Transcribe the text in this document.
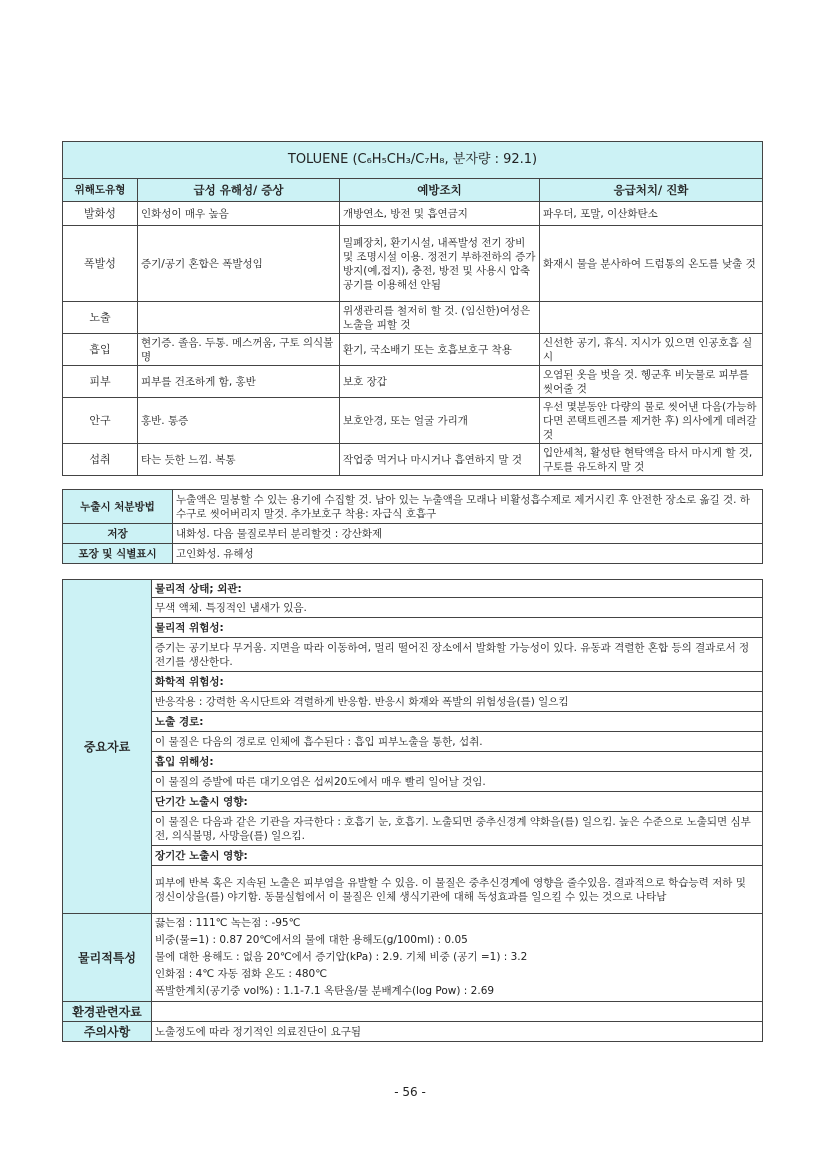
TOLUENE (C₆H₅CH₃/C₇H₈, 분자량 : 92.1)			
위해도유형	급성 유해성/ 증상	예방조치	응급처치/ 진화
발화성	인화성이 매우 높음	개방연소, 방전 및 흡연금지	파우더, 포말, 이산화탄소
폭발성	증기/공기 혼합은 폭발성임	밀폐장치, 환기시설, 내폭발성 전기 장비 및 조명시설 이용. 정전기 부하전하의 증가방지(예,접지), 충전, 방전 및 사용시 압축공기를 이용해선 안됨	화재시 물을 분사하여 드럼통의 온도를 낮출 것
노출		위생관리를 철저히 할 것. (임신한)여성은 노출을 피할 것	
흡입	현기증. 졸음. 두통. 메스꺼움, 구토 의식불명	환기, 국소배기 또는 호흡보호구 착용	신선한 공기, 휴식. 지시가 있으면 인공호흡 실시
피부	피부를 건조하게 함, 홍반	보호 장갑	오염된 옷을 벗을 것. 헹군후 비눗물로 피부를 씻어줄 것
안구	홍반. 통증	보호안경, 또는 얼굴 가리개	우선 몇분동안 다량의 물로 씻어낸 다음(가능하다면 콘택트렌즈를 제거한 후) 의사에게 데려갈 것
섭취	타는 듯한 느낌. 복통	작업중 먹거나 마시거나 흡연하지 말 것	입안세척, 활성탄 현탁액을 타서 마시게 할 것, 구토를 유도하지 말 것
누출시 처분방법	누출액은 밀봉할 수 있는 용기에 수집할 것. 남아 있는 누출액을 모래나 비활성흡수제로 제거시킨 후 안전한 장소로 옮길 것. 하수구로 씻어버리지 말것. 추가보호구 착용: 자급식 호흡구
저장	내화성. 다음 물질로부터 분리할것 : 강산화제
포장 및 식별표시	고인화성. 유해성
중요자료	물리적 상태; 외관:
	무색 액체. 특징적인 냄새가 있음.
	물리적 위험성:
	증기는 공기보다 무거움. 지면을 따라 이동하여, 멀리 떨어진 장소에서 발화할 가능성이 있다. 유동과 격렬한 혼합 등의 결과로서 정전기를 생산한다.
	화학적 위험성:
	반응작용 : 강력한 옥시단트와 격렬하게 반응함. 반응시 화재와 폭발의 위험성을(를) 일으킴
	노출 경로:
	이 물질은 다음의 경로로 인체에 흡수된다 : 흡입 피부노출을 통한, 섭취.
	흡입 위해성:
	이 물질의 증발에 따른 대기오염은 섭씨20도에서 매우 빨리 일어날 것임.
	단기간 노출시 영향:
	이 물질은 다음과 같은 기관을 자극한다 : 호흡기 눈, 호흡기. 노출되면 중추신경계 약화을(를) 일으킴. 높은 수준으로 노출되면 심부전, 의식불명, 사망을(를) 일으킴.
	장기간 노출시 영향:
	피부에 반복 혹은 지속된 노출은 피부염을 유발할 수 있음. 이 물질은 중추신경계에 영향을 줄수있음. 결과적으로 학습능력 저하 및 정신이상을(를) 야기함. 동물실험에서 이 물질은 인체 생식기관에 대해 독성효과를 일으킬 수 있는 것으로 나타남
물리적특성	끓는점 : 111℃ 녹는점 : -95℃
비중(물=1) : 0.87 20℃에서의 물에 대한 용해도(g/100ml) : 0.05
물에 대한 용해도 : 없음 20℃에서 증기압(kPa) : 2.9. 기체 비중 (공기 =1) : 3.2
인화점 : 4℃ 자동 점화 온도 : 480℃
폭발한계치(공기중 vol%) : 1.1-7.1 옥탄올/물 분배계수(log Pow) : 2.69

환경관련자료	
주의사항	노출정도에 따라 정기적인 의료진단이 요구됨
- 56 -
